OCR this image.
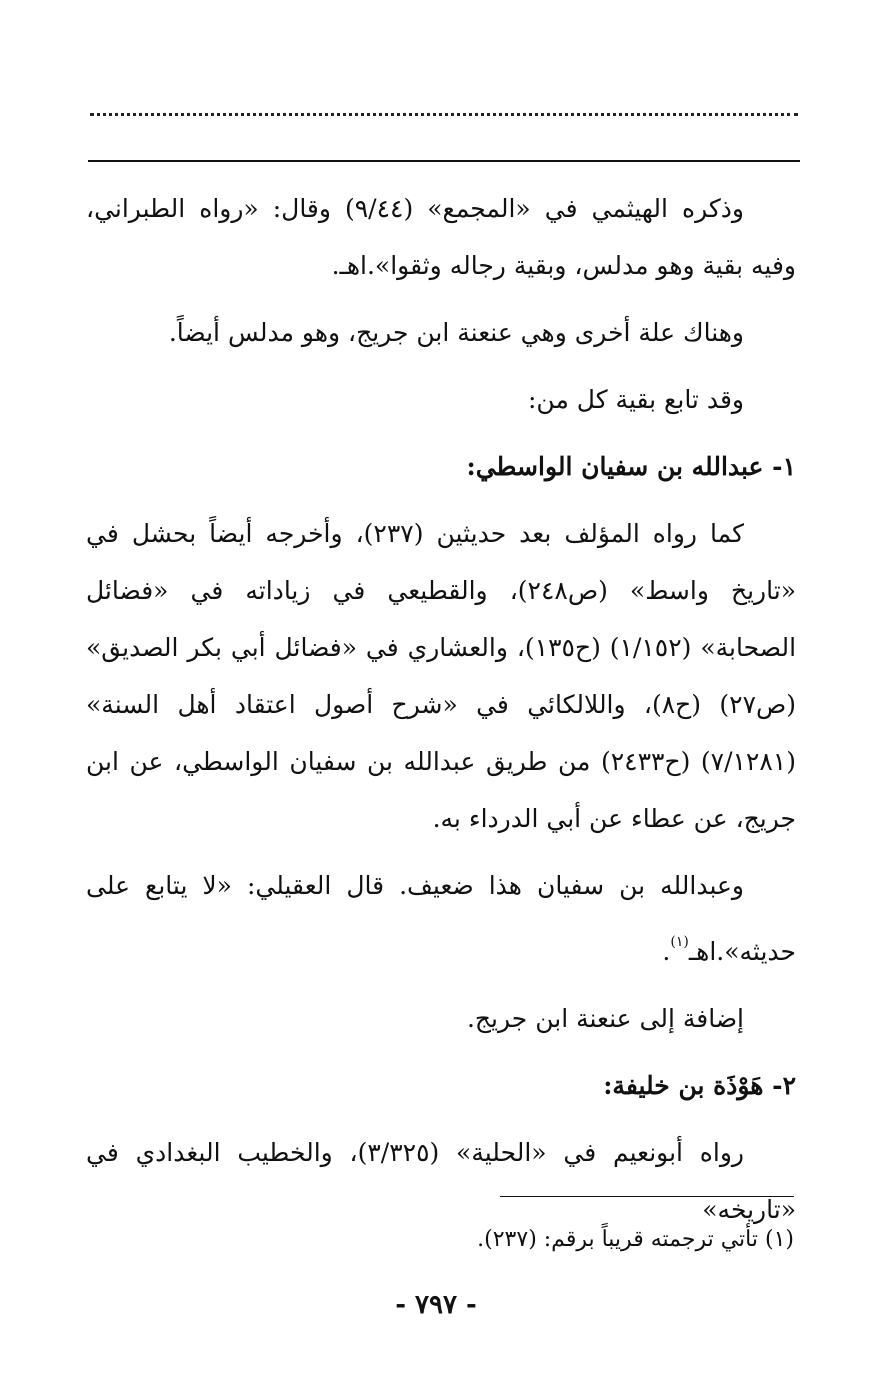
وذكره الهيثمي في «المجمع» (٩/٤٤) وقال: «رواه الطبراني، وفيه بقية وهو مدلس، وبقية رجاله وثقوا».اهـ.

وهناك علة أخرى وهي عنعنة ابن جريج، وهو مدلس أيضاً.

وقد تابع بقية كل من:

١- عبدالله بن سفيان الواسطي:

كما رواه المؤلف بعد حديثين (٢٣٧)، وأخرجه أيضاً بحشل في «تاريخ واسط» (ص٢٤٨)، والقطيعي في زياداته في «فضائل الصحابة» (١/١٥٢) (ح١٣٥)، والعشاري في «فضائل أبي بكر الصديق» (ص٢٧) (ح٨)، واللالكائي في «شرح أصول اعتقاد أهل السنة» (٧/١٢٨١) (ح٢٤٣٣) من طريق عبدالله بن سفيان الواسطي، عن ابن جريج، عن عطاء عن أبي الدرداء به.

وعبدالله بن سفيان هذا ضعيف. قال العقيلي: «لا يتابع على حديثه».اهـ$^{(١)}$.

إضافة إلى عنعنة ابن جريج.

٢- هَوْذَة بن خليفة:

رواه أبونعيم في «الحلية» (٣/٣٢٥)، والخطيب البغدادي في «تاريخه»

(١) تأتي ترجمته قريباً برقم: (٢٣٧).
- ٧٩٧ -
